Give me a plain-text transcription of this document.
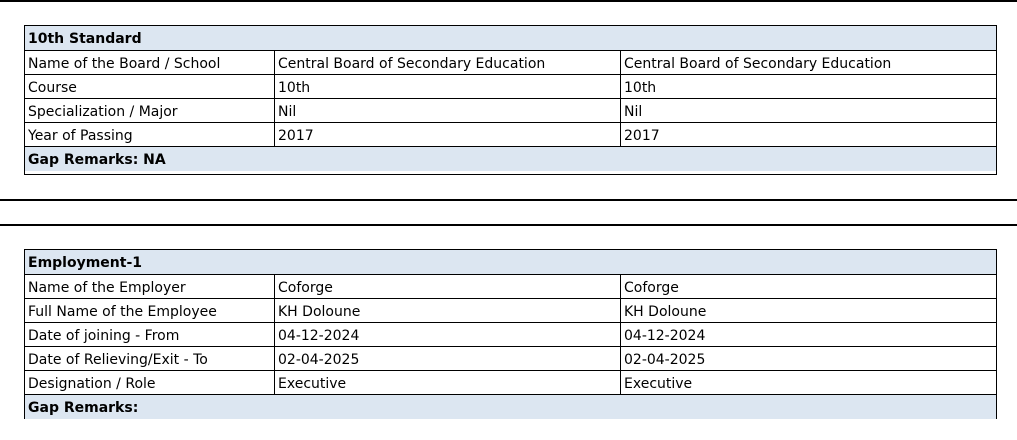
10th Standard
Name of the Board / School	Central Board of Secondary Education	Central Board of Secondary Education
Course	10th	10th
Specialization / Major	Nil	Nil
Year of Passing	2017	2017
Gap Remarks: NA
Employment-1
Name of the Employer	Coforge	Coforge
Full Name of the Employee	KH Doloune	KH Doloune
Date of joining - From	04-12-2024	04-12-2024
Date of Relieving/Exit - To	02-04-2025	02-04-2025
Designation / Role	Executive	Executive
Gap Remarks:
